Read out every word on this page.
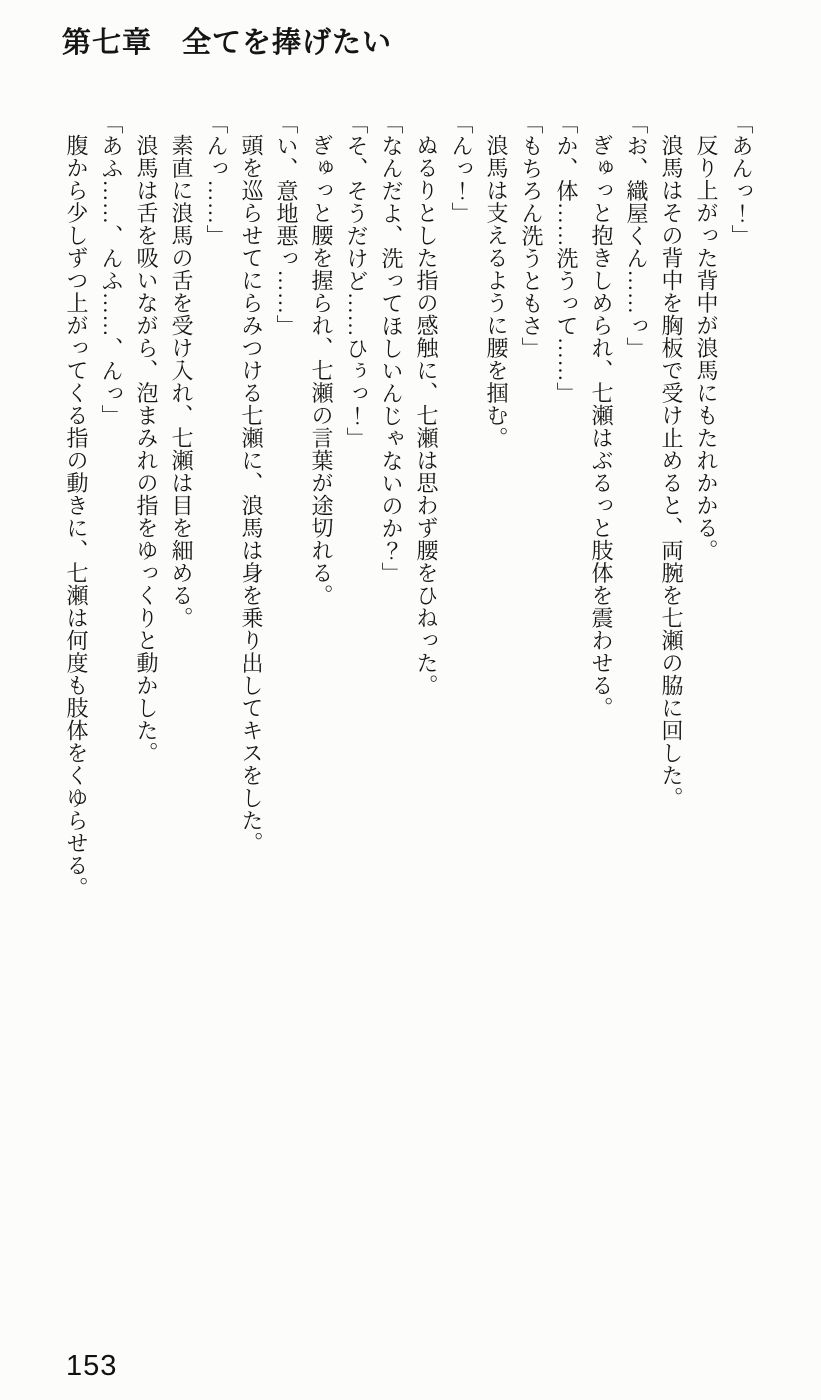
第七章　全てを捧げたい

「あんっ！」

反り上がった背中が浪馬にもたれかかる。

浪馬はその背中を胸板で受け止めると、両腕を七瀬の脇に回した。

「お、織屋くん……っ」

ぎゅっと抱きしめられ、七瀬はぶるっと肢体を震わせる。

「か、体……洗うって……」

「もちろん洗うともさ」

浪馬は支えるように腰を掴む。

「んっ！」

ぬるりとした指の感触に、七瀬は思わず腰をひねった。

「なんだよ、洗ってほしいんじゃないのか？」

「そ、そうだけど……ひぅっ！」

ぎゅっと腰を握られ、七瀬の言葉が途切れる。

「い、意地悪っ……」

頭を巡らせてにらみつける七瀬に、浪馬は身を乗り出してキスをした。

「んっ……」

素直に浪馬の舌を受け入れ、七瀬は目を細める。

浪馬は舌を吸いながら、泡まみれの指をゆっくりと動かした。

「あふ……、んふ……、んっ」

腹から少しずつ上がってくる指の動きに、七瀬は何度も肢体をくゆらせる。

153
